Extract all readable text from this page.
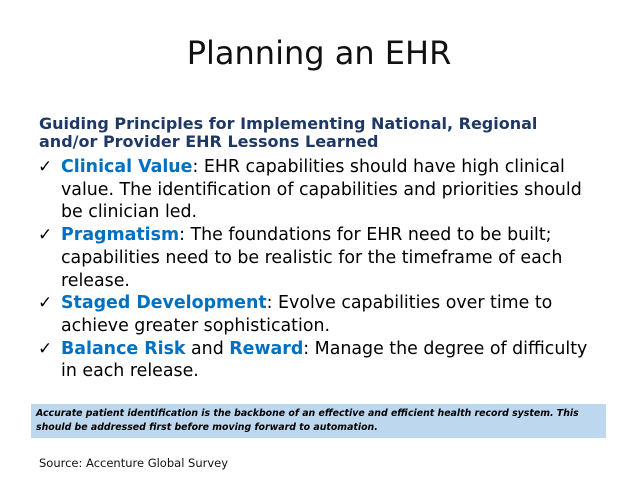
Planning an EHR
Guiding Principles for Implementing National, Regional
and/or Provider EHR Lessons Learned
✓ Clinical Value: EHR capabilities should have high clinical value. The identification of capabilities and priorities should be clinician led.
✓ Pragmatism: The foundations for EHR need to be built; capabilities need to be realistic for the timeframe of each release.
✓ Staged Development: Evolve capabilities over time to achieve greater sophistication.
✓ Balance Risk and Reward: Manage the degree of difficulty in each release.
Accurate patient identification is the backbone of an effective and efficient health record system. This should be addressed first before moving forward to automation.
Source: Accenture Global Survey
